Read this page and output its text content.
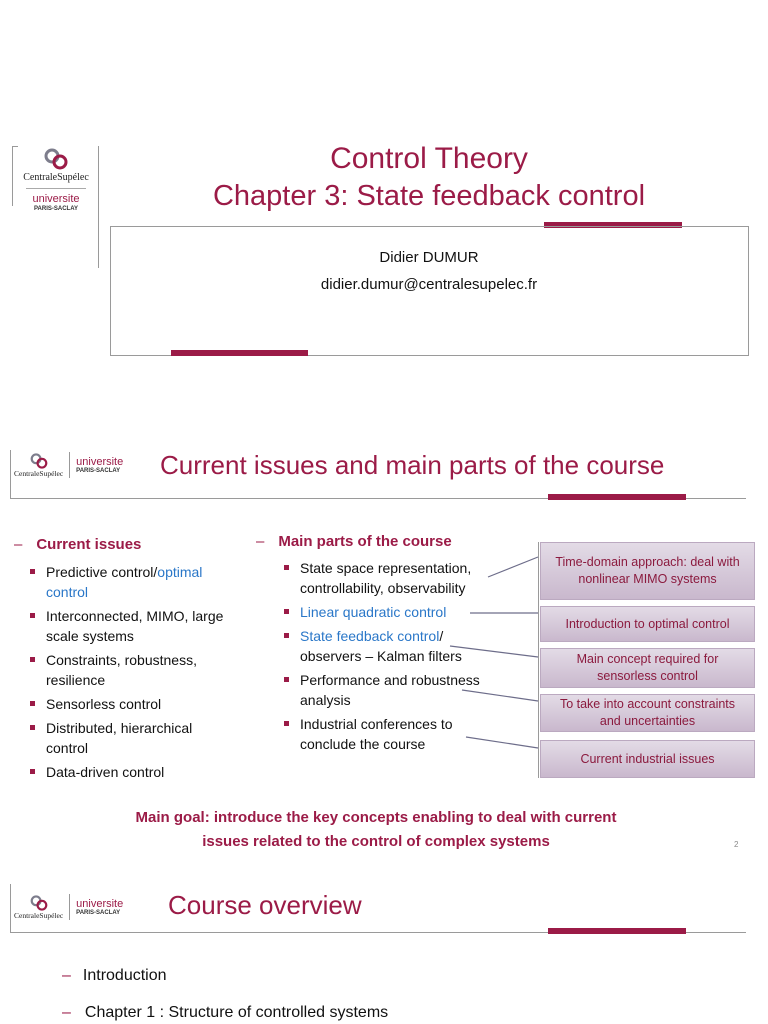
CentraleSupélec
universite
PARIS-SACLAY
Control Theory
Chapter 3: State feedback control
Didier DUMUR
didier.dumur@centralesupelec.fr
CentraleSupélec
universite
PARIS-SACLAY Current issues and main parts of the course
– Current issues
Predictive control/optimal control
Interconnected, MIMO, large scale systems
Constraints, robustness, resilience
Sensorless control
Distributed, hierarchical control
Data-driven control
– Main parts of the course
State space representation, controllability, observability
Linear quadratic control
State feedback control/ observers – Kalman filters
Performance and robustness analysis
Industrial conferences to conclude the course
Time-domain approach: deal with nonlinear MIMO systems
Introduction to optimal control
Main concept required for sensorless control
To take into account constraints and uncertainties
Current industrial issues
Main goal: introduce the key concepts enabling to deal with current
issues related to the control of complex systems	2
CentraleSupélec
universite
PARIS-SACLAY Course overview
– Introduction
– Chapter 1 : Structure of controlled systems
